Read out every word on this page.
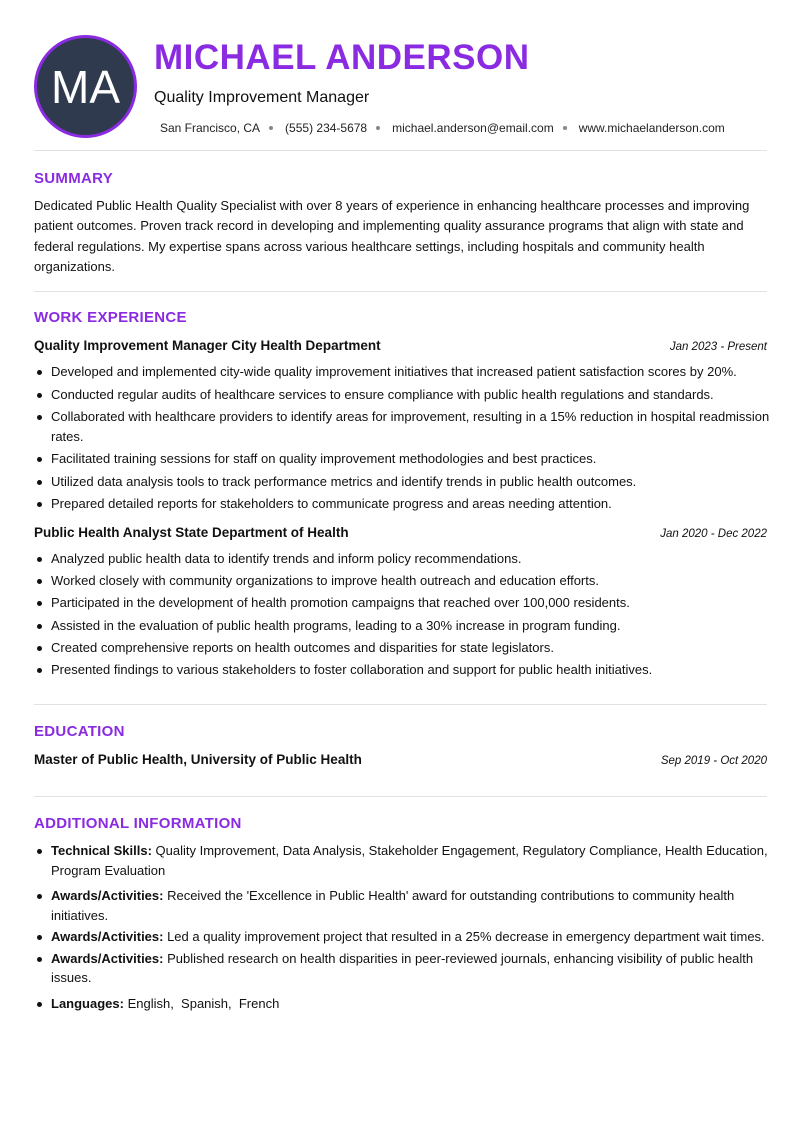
MA
MICHAEL ANDERSON
Quality Improvement Manager
San Francisco, CA (555) 234-5678 michael.anderson@email.com www.michaelanderson.com
SUMMARY
Dedicated Public Health Quality Specialist with over 8 years of experience in enhancing healthcare processes and improving patient outcomes. Proven track record in developing and implementing quality assurance programs that align with state and federal regulations. My expertise spans across various healthcare settings, including hospitals and community health organizations.
WORK EXPERIENCE
Quality Improvement Manager City Health Department	Jan 2023 - Present
Developed and implemented city-wide quality improvement initiatives that increased patient satisfaction scores by 20%.
Conducted regular audits of healthcare services to ensure compliance with public health regulations and standards.
Collaborated with healthcare providers to identify areas for improvement, resulting in a 15% reduction in hospital readmission rates.
Facilitated training sessions for staff on quality improvement methodologies and best practices.
Utilized data analysis tools to track performance metrics and identify trends in public health outcomes.
Prepared detailed reports for stakeholders to communicate progress and areas needing attention.
Public Health Analyst State Department of Health	Jan 2020 - Dec 2022
Analyzed public health data to identify trends and inform policy recommendations.
Worked closely with community organizations to improve health outreach and education efforts.
Participated in the development of health promotion campaigns that reached over 100,000 residents.
Assisted in the evaluation of public health programs, leading to a 30% increase in program funding.
Created comprehensive reports on health outcomes and disparities for state legislators.
Presented findings to various stakeholders to foster collaboration and support for public health initiatives.
EDUCATION
Master of Public Health, University of Public Health	Sep 2019 - Oct 2020
ADDITIONAL INFORMATION
Technical Skills: Quality Improvement, Data Analysis, Stakeholder Engagement, Regulatory Compliance, Health Education, Program Evaluation
Awards/Activities: Received the 'Excellence in Public Health' award for outstanding contributions to community health initiatives.
Awards/Activities: Led a quality improvement project that resulted in a 25% decrease in emergency department wait times.
Awards/Activities: Published research on health disparities in peer-reviewed journals, enhancing visibility of public health issues.
Languages: English,  Spanish,  French
